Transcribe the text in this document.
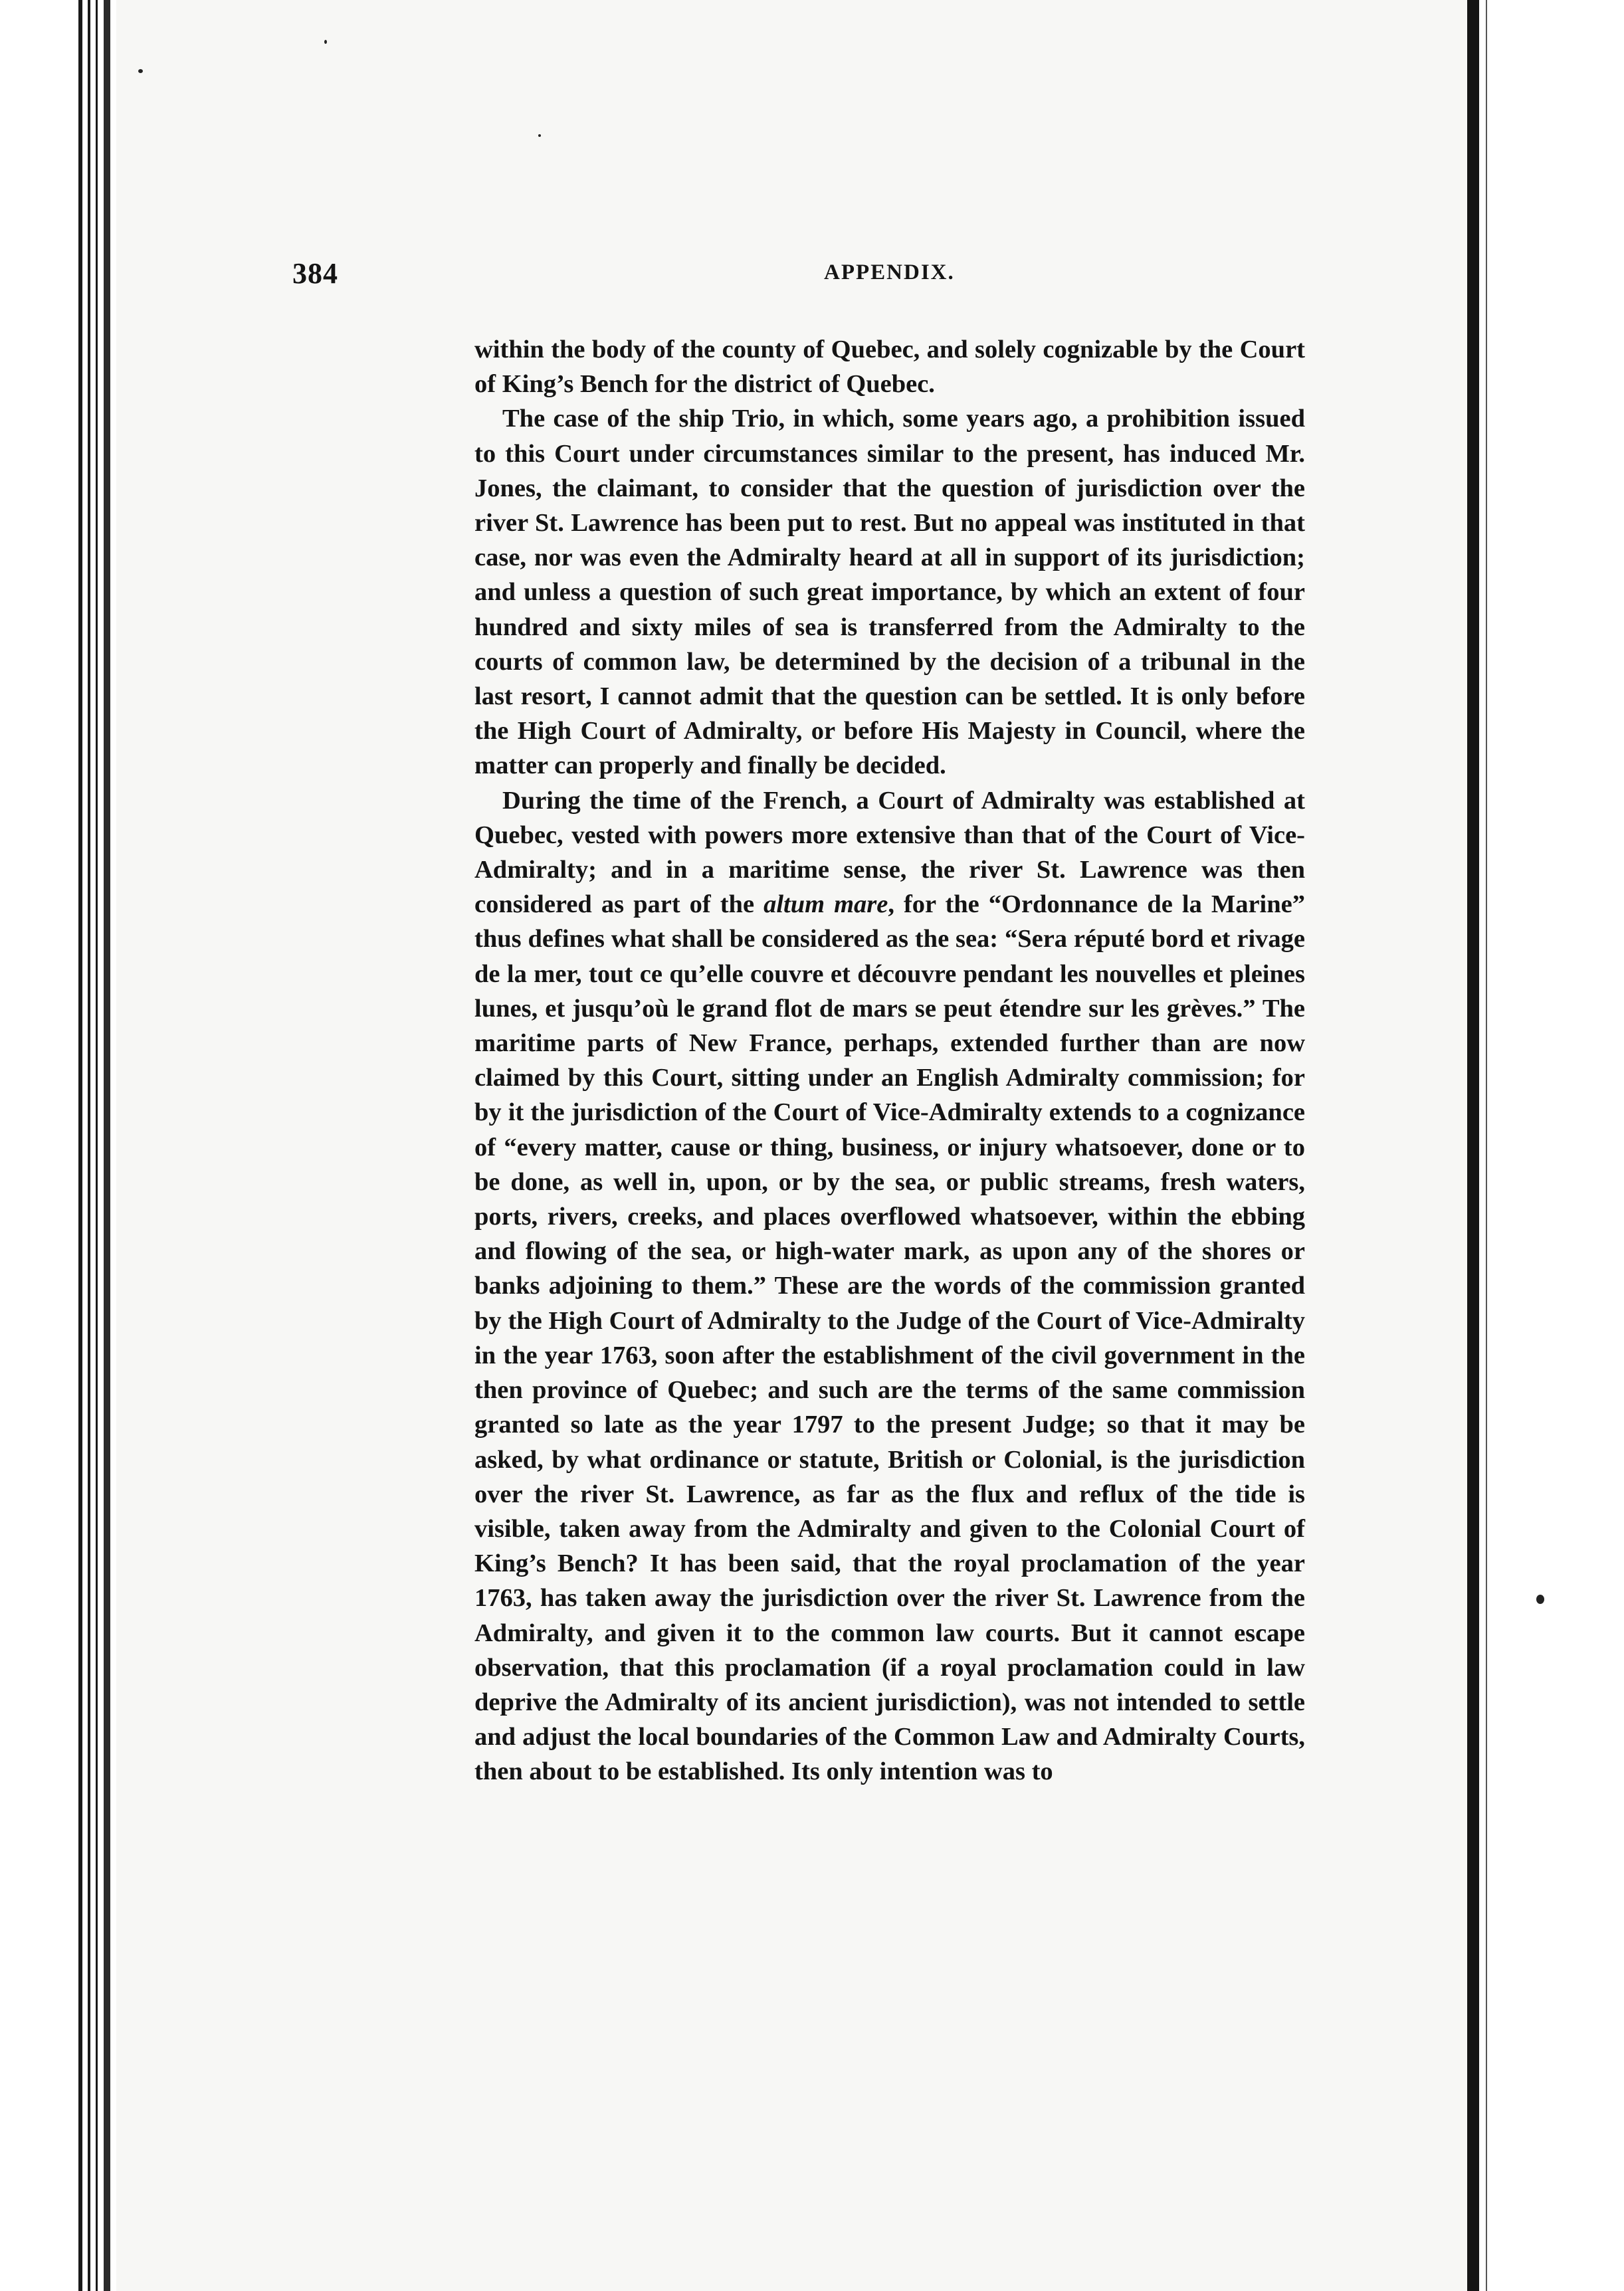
384	APPENDIX.

within the body of the county of Quebec, and solely cognizable by the Court of King’s Bench for the district of Quebec.

The case of the ship Trio, in which, some years ago, a prohibition issued to this Court under circumstances similar to the present, has induced Mr. Jones, the claimant, to consider that the question of jurisdiction over the river St. Lawrence has been put to rest. But no appeal was instituted in that case, nor was even the Admiralty heard at all in support of its jurisdiction; and unless a question of such great importance, by which an extent of four hundred and sixty miles of sea is transferred from the Admiralty to the courts of common law, be determined by the decision of a tribunal in the last resort, I cannot admit that the question can be settled. It is only before the High Court of Admiralty, or before His Majesty in Council, where the matter can properly and finally be decided.

During the time of the French, a Court of Admiralty was established at Quebec, vested with powers more extensive than that of the Court of Vice-Admiralty; and in a maritime sense, the river St. Lawrence was then considered as part of the altum mare, for the “Ordonnance de la Marine” thus defines what shall be considered as the sea: “Sera réputé bord et rivage de la mer, tout ce qu’elle couvre et découvre pendant les nouvelles et pleines lunes, et jusqu’où le grand flot de mars se peut étendre sur les grèves.” The maritime parts of New France, perhaps, extended further than are now claimed by this Court, sitting under an English Admiralty commission; for by it the jurisdiction of the Court of Vice-Admiralty extends to a cognizance of “every matter, cause or thing, business, or injury whatsoever, done or to be done, as well in, upon, or by the sea, or public streams, fresh waters, ports, rivers, creeks, and places overflowed whatsoever, within the ebbing and flowing of the sea, or high-water mark, as upon any of the shores or banks adjoining to them.” These are the words of the commission granted by the High Court of Admiralty to the Judge of the Court of Vice-Admiralty in the year 1763, soon after the establishment of the civil government in the then province of Quebec; and such are the terms of the same commission granted so late as the year 1797 to the present Judge; so that it may be asked, by what ordinance or statute, British or Colonial, is the jurisdiction over the river St. Lawrence, as far as the flux and reflux of the tide is visible, taken away from the Admiralty and given to the Colonial Court of King’s Bench? It has been said, that the royal proclamation of the year 1763, has taken away the jurisdiction over the river St. Lawrence from the Admiralty, and given it to the common law courts. But it cannot escape observation, that this proclamation (if a royal proclamation could in law deprive the Admiralty of its ancient jurisdiction), was not intended to settle and adjust the local boundaries of the Common Law and Admiralty Courts, then about to be established. Its only intention was to
